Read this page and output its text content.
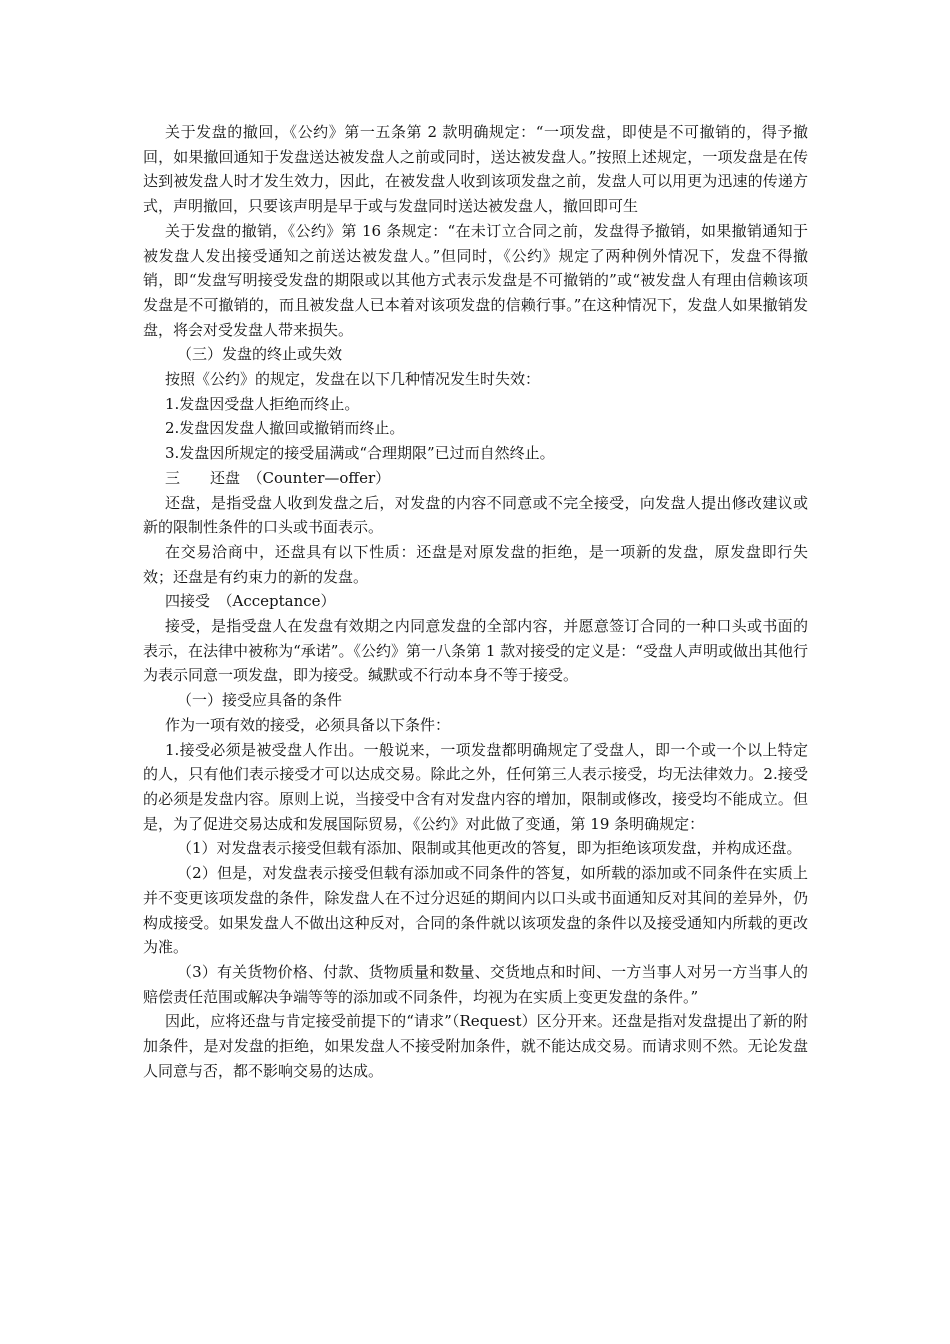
关于发盘的撤回，《公约》第一五条第 2 款明确规定：“一项发盘，即使是不可撤销的，得予撤回，如果撤回通知于发盘送达被发盘人之前或同时，送达被发盘人。”按照上述规定，一项发盘是在传达到被发盘人时才发生效力，因此，在被发盘人收到该项发盘之前，发盘人可以用更为迅速的传递方式，声明撤回，只要该声明是早于或与发盘同时送达被发盘人，撤回即可生

关于发盘的撤销，《公约》第 16 条规定：“在未订立合同之前，发盘得予撤销，如果撤销通知于被发盘人发出接受通知之前送达被发盘人。”但同时，《公约》规定了两种例外情况下，发盘不得撤销，即“发盘写明接受发盘的期限或以其他方式表示发盘是不可撤销的”或“被发盘人有理由信赖该项发盘是不可撤销的，而且被发盘人已本着对该项发盘的信赖行事。”在这种情况下，发盘人如果撤销发盘，将会对受发盘人带来损失。

（三）发盘的终止或失效

按照《公约》的规定，发盘在以下几种情况发生时失效：

1.发盘因受盘人拒绝而终止。

2.发盘因发盘人撤回或撤销而终止。

3.发盘因所规定的接受届满或“合理期限”已过而自然终止。

三　　还盘　（Counter—offer）

还盘，是指受盘人收到发盘之后，对发盘的内容不同意或不完全接受，向发盘人提出修改建议或新的限制性条件的口头或书面表示。

在交易洽商中，还盘具有以下性质：还盘是对原发盘的拒绝，是一项新的发盘，原发盘即行失效；还盘是有约束力的新的发盘。

四接受　（Acceptance）

接受，是指受盘人在发盘有效期之内同意发盘的全部内容，并愿意签订合同的一种口头或书面的表示，在法律中被称为“承诺”。《公约》第一八条第 1 款对接受的定义是：“受盘人声明或做出其他行为表示同意一项发盘，即为接受。缄默或不行动本身不等于接受。

（一）接受应具备的条件

作为一项有效的接受，必须具备以下条件：

1.接受必须是被受盘人作出。一般说来，一项发盘都明确规定了受盘人，即一个或一个以上特定的人，只有他们表示接受才可以达成交易。除此之外，任何第三人表示接受，均无法律效力。2.接受的必须是发盘内容。原则上说，当接受中含有对发盘内容的增加，限制或修改，接受均不能成立。但是，为了促进交易达成和发展国际贸易，《公约》对此做了变通，第 19 条明确规定：

（1）对发盘表示接受但载有添加、限制或其他更改的答复，即为拒绝该项发盘，并构成还盘。

（2）但是，对发盘表示接受但载有添加或不同条件的答复，如所载的添加或不同条件在实质上并不变更该项发盘的条件，除发盘人在不过分迟延的期间内以口头或书面通知反对其间的差异外，仍构成接受。如果发盘人不做出这种反对，合同的条件就以该项发盘的条件以及接受通知内所载的更改为准。

（3）有关货物价格、付款、货物质量和数量、交货地点和时间、一方当事人对另一方当事人的赔偿责任范围或解决争端等等的添加或不同条件，均视为在实质上变更发盘的条件。”

因此，应将还盘与肯定接受前提下的“请求”（Request）区分开来。还盘是指对发盘提出了新的附加条件，是对发盘的拒绝，如果发盘人不接受附加条件，就不能达成交易。而请求则不然。无论发盘人同意与否，都不影响交易的达成。
